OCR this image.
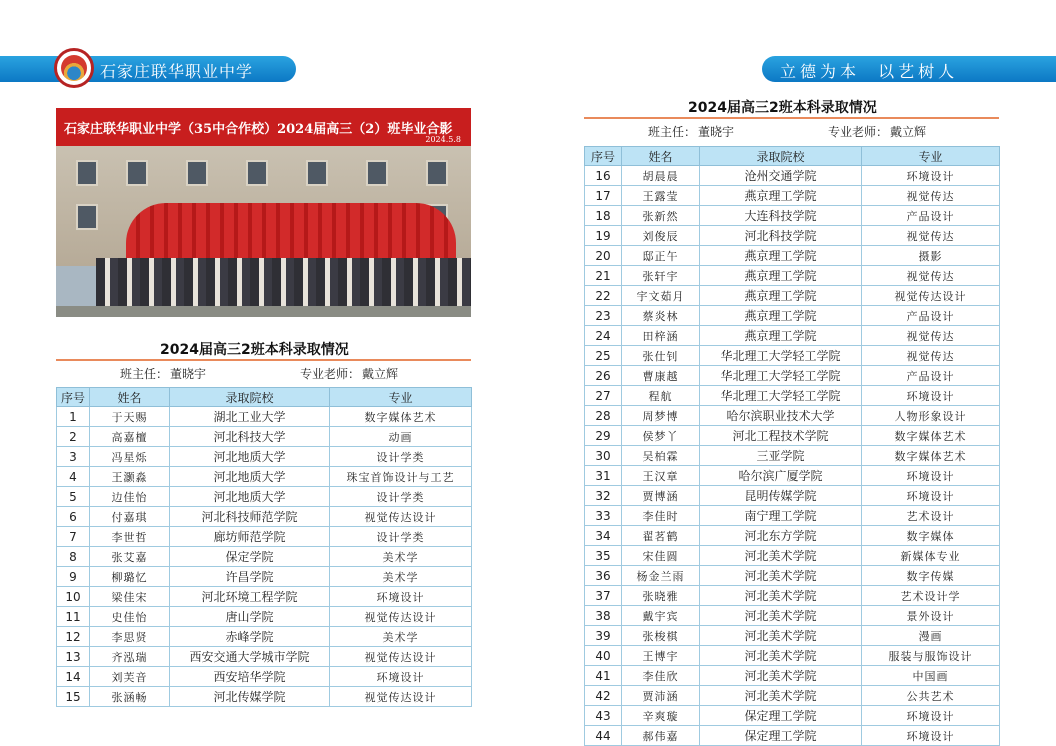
石家庄联华职业中学	立德为本  以艺树人
石家庄联华职业中学（35中合作校）2024届高三（2）班毕业合影
2024.5.8
2024届高三2班本科录取情况
班主任： 董晓宇	专业老师： 戴立辉
序号	姓名	录取院校	专业
1	于天赐	湖北工业大学	数字媒体艺术
2	高嘉檀	河北科技大学	动画
3	冯星烁	河北地质大学	设计学类
4	王灏淼	河北地质大学	珠宝首饰设计与工艺
5	边佳怡	河北地质大学	设计学类
6	付嘉琪	河北科技师范学院	视觉传达设计
7	李世哲	廊坊师范学院	设计学类
8	张艾嘉	保定学院	美术学
9	柳璐忆	许昌学院	美术学
10	梁佳宋	河北环境工程学院	环境设计
11	史佳怡	唐山学院	视觉传达设计
12	李思贤	赤峰学院	美术学
13	齐泓瑞	西安交通大学城市学院	视觉传达设计
14	刘芙音	西安培华学院	环境设计
15	张涵畅	河北传媒学院	视觉传达设计
2024届高三2班本科录取情况
班主任： 董晓宇	专业老师： 戴立辉
序号	姓名	录取院校	专业
16	胡晨晨	沧州交通学院	环境设计
17	王露莹	燕京理工学院	视觉传达
18	张新然	大连科技学院	产品设计
19	刘俊辰	河北科技学院	视觉传达
20	邸正午	燕京理工学院	摄影
21	张轩宇	燕京理工学院	视觉传达
22	宇文茹月	燕京理工学院	视觉传达设计
23	蔡炎林	燕京理工学院	产品设计
24	田梓涵	燕京理工学院	视觉传达
25	张仕钊	华北理工大学轻工学院	视觉传达
26	曹康越	华北理工大学轻工学院	产品设计
27	程航	华北理工大学轻工学院	环境设计
28	周梦博	哈尔滨职业技术大学	人物形象设计
29	侯梦丫	河北工程技术学院	数字媒体艺术
30	吴柏霖	三亚学院	数字媒体艺术
31	王汉章	哈尔滨广厦学院	环境设计
32	贾博涵	昆明传媒学院	环境设计
33	李佳时	南宁理工学院	艺术设计
34	翟茗鹤	河北东方学院	数字媒体
35	宋佳圆	河北美术学院	新媒体专业
36	杨金兰雨	河北美术学院	数字传媒
37	张晓雅	河北美术学院	艺术设计学
38	戴宇宾	河北美术学院	景外设计
39	张梭棋	河北美术学院	漫画
40	王博宇	河北美术学院	服装与服饰设计
41	李佳欣	河北美术学院	中国画
42	贾沛涵	河北美术学院	公共艺术
43	辛爽璇	保定理工学院	环境设计
44	郝伟嘉	保定理工学院	环境设计
